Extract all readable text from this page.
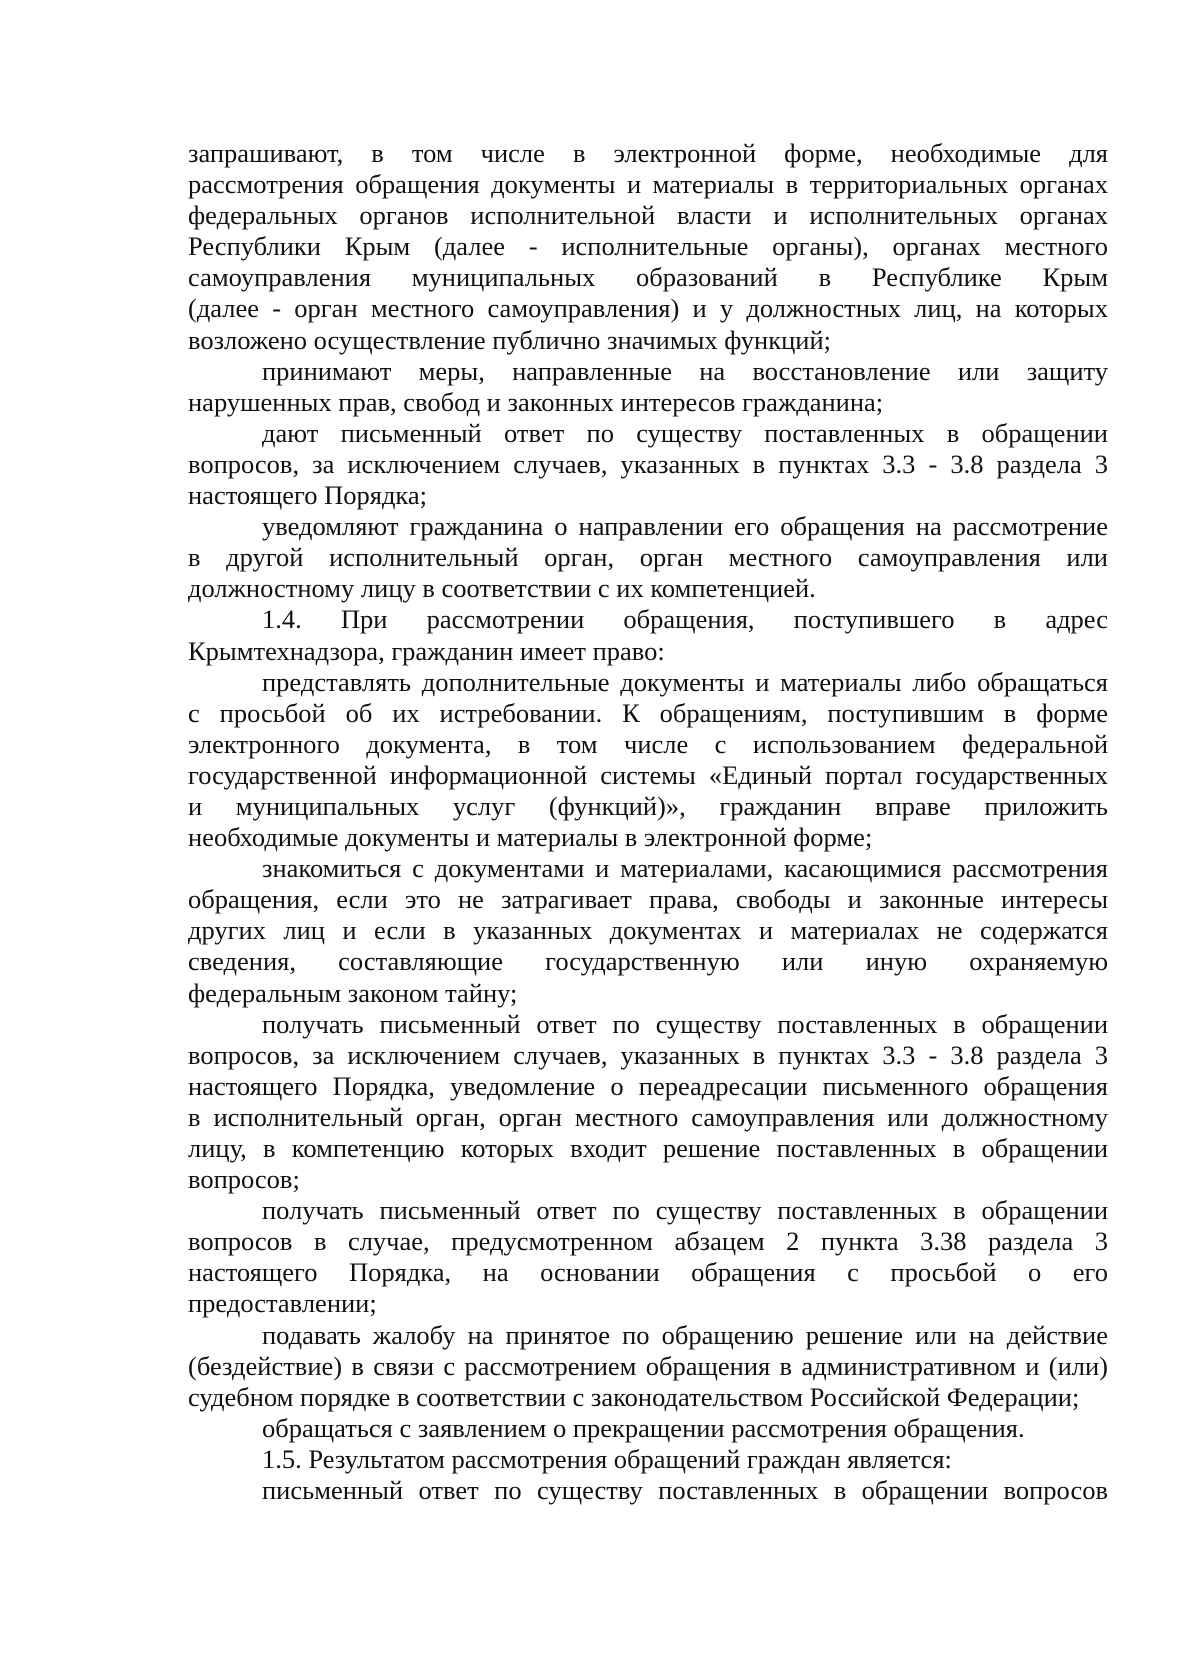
запрашивают, в том числе в электронной форме, необходимые для
рассмотрения обращения документы и материалы в территориальных органах
федеральных органов исполнительной власти и исполнительных органах
Республики Крым (далее - исполнительные органы), органах местного
самоуправления муниципальных образований в Республике Крым
(далее - орган местного самоуправления) и у должностных лиц, на которых
возложено осуществление публично значимых функций;
принимают меры, направленные на восстановление или защиту
нарушенных прав, свобод и законных интересов гражданина;
дают письменный ответ по существу поставленных в обращении
вопросов, за исключением случаев, указанных в пунктах 3.3 - 3.8 раздела 3
настоящего Порядка;
уведомляют гражданина о направлении его обращения на рассмотрение
в другой исполнительный орган, орган местного самоуправления или
должностному лицу в соответствии с их компетенцией.
1.4. При рассмотрении обращения, поступившего в адрес
Крымтехнадзора, гражданин имеет право:
представлять дополнительные документы и материалы либо обращаться
с просьбой об их истребовании. К обращениям, поступившим в форме
электронного документа, в том числе с использованием федеральной
государственной информационной системы «Единый портал государственных
и муниципальных услуг (функций)», гражданин вправе приложить
необходимые документы и материалы в электронной форме;
знакомиться с документами и материалами, касающимися рассмотрения
обращения, если это не затрагивает права, свободы и законные интересы
других лиц и если в указанных документах и материалах не содержатся
сведения, составляющие государственную или иную охраняемую
федеральным законом тайну;
получать письменный ответ по существу поставленных в обращении
вопросов, за исключением случаев, указанных в пунктах 3.3 - 3.8 раздела 3
настоящего Порядка, уведомление о переадресации письменного обращения
в исполнительный орган, орган местного самоуправления или должностному
лицу, в компетенцию которых входит решение поставленных в обращении
вопросов;
получать письменный ответ по существу поставленных в обращении
вопросов в случае, предусмотренном абзацем 2 пункта 3.38 раздела 3
настоящего Порядка, на основании обращения с просьбой о его
предоставлении;
подавать жалобу на принятое по обращению решение или на действие
(бездействие) в связи с рассмотрением обращения в административном и (или)
судебном порядке в соответствии с законодательством Российской Федерации;
обращаться с заявлением о прекращении рассмотрения обращения.
1.5. Результатом рассмотрения обращений граждан является:
письменный ответ по существу поставленных в обращении вопросов
